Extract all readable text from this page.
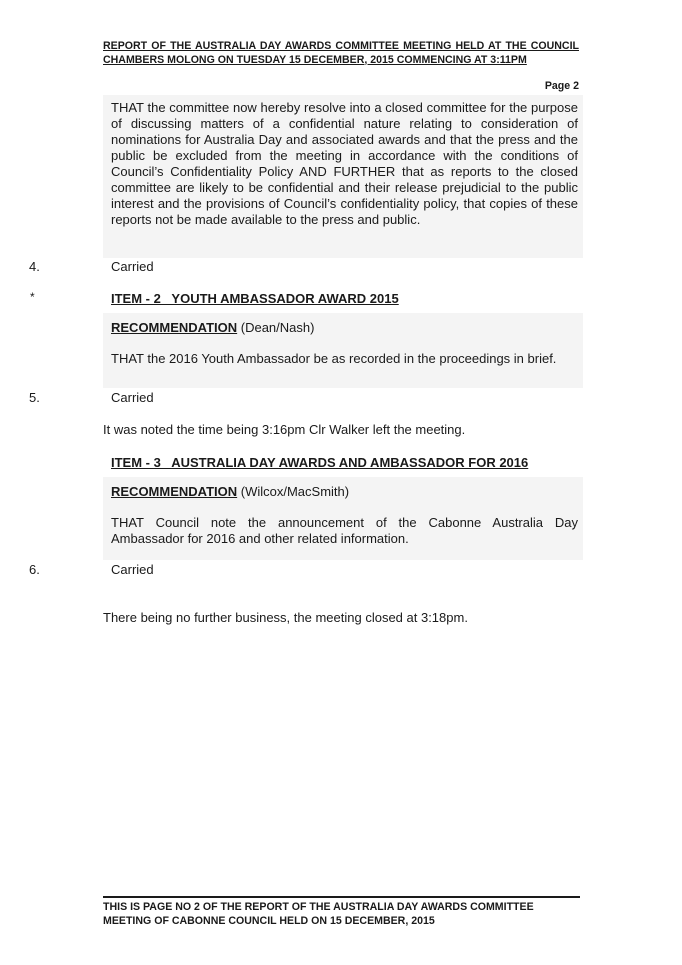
REPORT OF THE AUSTRALIA DAY AWARDS COMMITTEE MEETING HELD AT THE COUNCIL CHAMBERS MOLONG ON TUESDAY 15 DECEMBER, 2015 COMMENCING AT 3:11PM
Page 2
THAT the committee now hereby resolve into a closed committee for the purpose of discussing matters of a confidential nature relating to consideration of nominations for Australia Day and associated awards and that the press and the public be excluded from the meeting in accordance with the conditions of Council’s Confidentiality Policy AND FURTHER that as reports to the closed committee are likely to be confidential and their release prejudicial to the public interest and the provisions of Council’s confidentiality policy, that copies of these reports not be made available to the press and public.
4.	Carried
*	ITEM - 2   YOUTH AMBASSADOR AWARD 2015
RECOMMENDATION (Dean/Nash)
THAT the 2016 Youth Ambassador be as recorded in the proceedings in brief.
5.	Carried
It was noted the time being 3:16pm Clr Walker left the meeting.
ITEM - 3   AUSTRALIA DAY AWARDS AND AMBASSADOR FOR 2016
RECOMMENDATION (Wilcox/MacSmith)
THAT Council note the announcement of the Cabonne Australia Day Ambassador for 2016 and other related information.
6.	Carried
There being no further business, the meeting closed at 3:18pm.
THIS IS PAGE NO 2 OF THE REPORT OF THE AUSTRALIA DAY AWARDS COMMITTEE MEETING OF CABONNE COUNCIL HELD ON 15 DECEMBER, 2015
